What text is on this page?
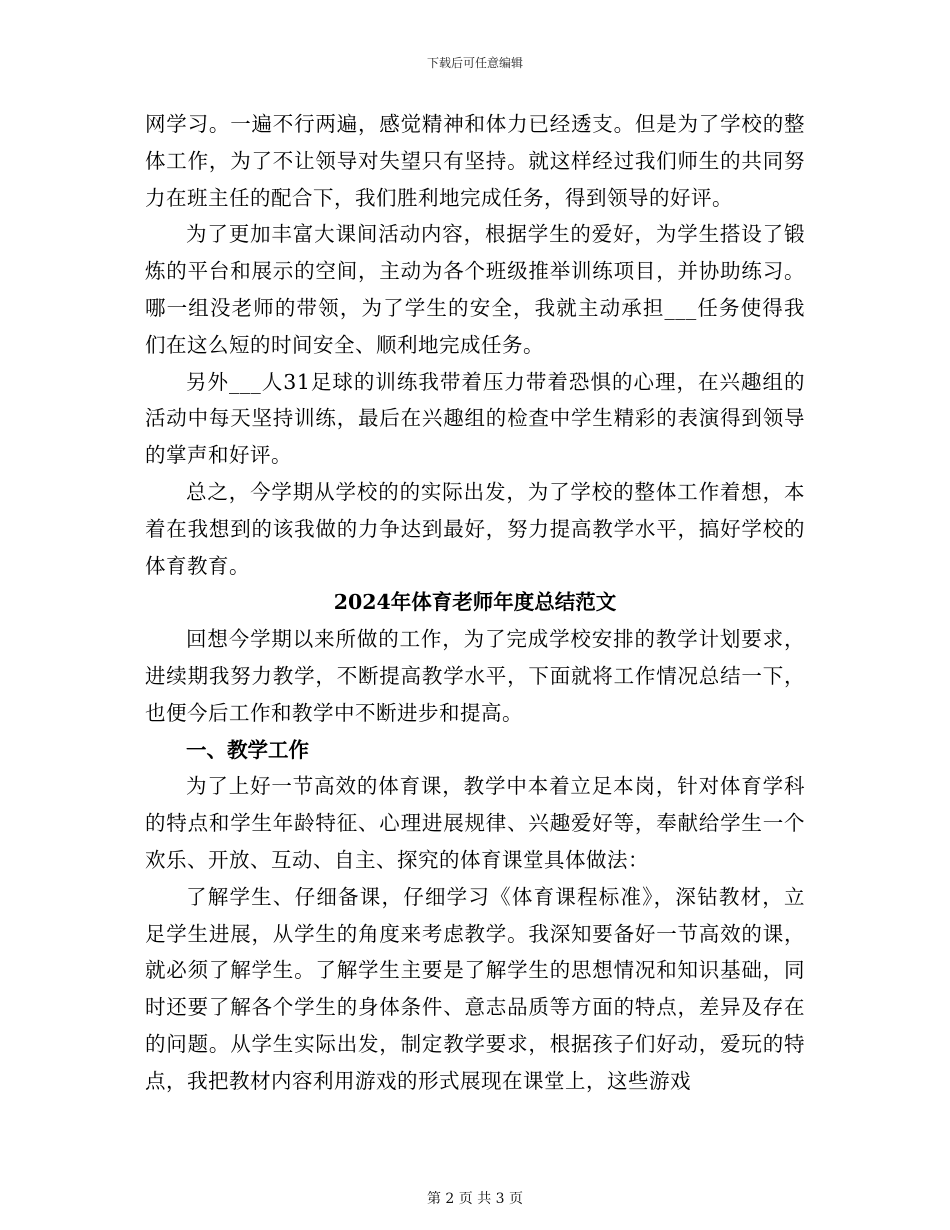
下载后可任意编辑

网学习。一遍不行两遍，感觉精神和体力已经透支。但是为了学校的整体工作，为了不让领导对失望只有坚持。就这样经过我们师生的共同努力在班主任的配合下，我们胜利地完成任务，得到领导的好评。

为了更加丰富大课间活动内容，根据学生的爱好，为学生搭设了锻炼的平台和展示的空间，主动为各个班级推举训练项目，并协助练习。哪一组没老师的带领，为了学生的安全，我就主动承担___任务使得我们在这么短的时间安全、顺利地完成任务。

另外___人31足球的训练我带着压力带着恐惧的心理，在兴趣组的活动中每天坚持训练，最后在兴趣组的检查中学生精彩的表演得到领导的掌声和好评。

总之，今学期从学校的的实际出发，为了学校的整体工作着想，本着在我想到的该我做的力争达到最好，努力提高教学水平，搞好学校的体育教育。

2024年体育老师年度总结范文

回想今学期以来所做的工作，为了完成学校安排的教学计划要求，进续期我努力教学，不断提高教学水平，下面就将工作情况总结一下，也便今后工作和教学中不断进步和提高。

一、教学工作

为了上好一节高效的体育课，教学中本着立足本岗，针对体育学科的特点和学生年龄特征、心理进展规律、兴趣爱好等，奉献给学生一个欢乐、开放、互动、自主、探究的体育课堂具体做法：

了解学生、仔细备课，仔细学习《体育课程标准》，深钻教材，立足学生进展，从学生的角度来考虑教学。我深知要备好一节高效的课，就必须了解学生。了解学生主要是了解学生的思想情况和知识基础，同时还要了解各个学生的身体条件、意志品质等方面的特点，差异及存在的问题。从学生实际出发，制定教学要求，根据孩子们好动，爱玩的特点，我把教材内容利用游戏的形式展现在课堂上，这些游戏

第 2 页 共 3 页
